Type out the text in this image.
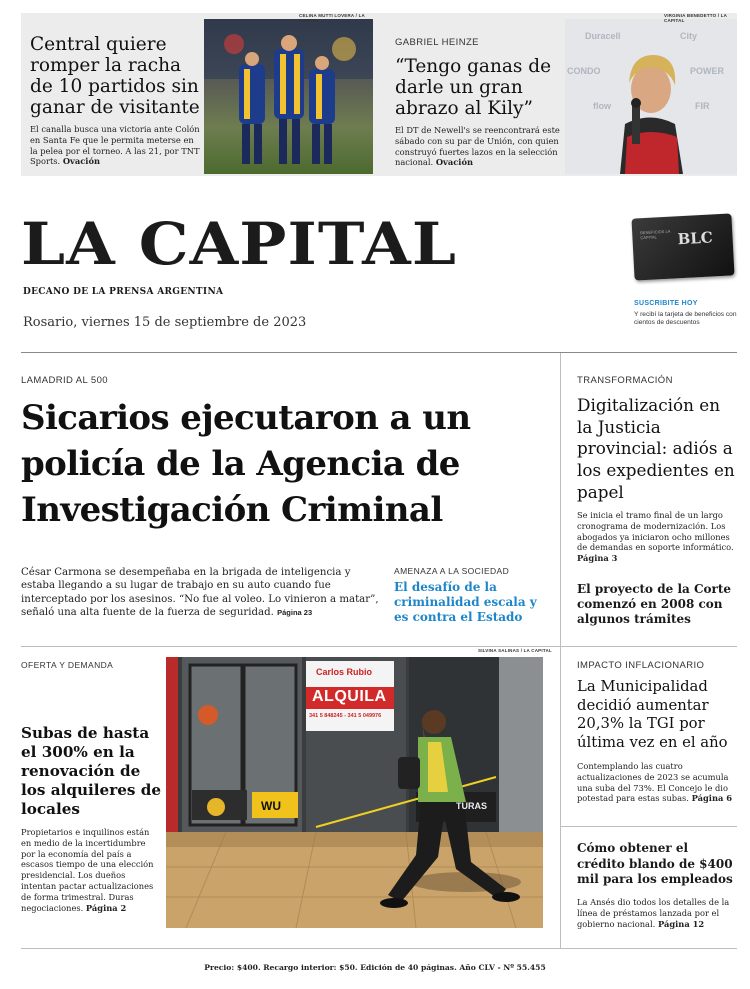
Central quiere romper la racha de 10 partidos sin ganar de visitante
El canalla busca una victoria ante Colón en Santa Fe que le permita meterse en la pelea por el torneo. A las 21, por TNT Sports. Ovación
CELINA MUTTI LOVERA / LA CAPITAL
GABRIEL HEINZE
“Tengo ganas de darle un gran abrazo al Kily”
El DT de Newell's se reencontrará este sábado con su par de Unión, con quien construyó fuertes lazos en la selección nacional. Ovación
Duracell	City
CONDO	POWER
flow	FIR
VIRGINIA BENEDETTO / LA CAPITAL
LA CAPITAL
DECANO DE LA PRENSA ARGENTINA
Rosario, viernes 15 de septiembre de 2023
BLC
BENEFICIOS LA CAPITAL
SUSCRIBITE HOY
Y recibí la tarjeta de beneficios con cientos de descuentos
LAMADRID AL 500
Sicarios ejecutaron a un policía de la Agencia de Investigación Criminal
César Carmona se desempeñaba en la brigada de inteligencia y estaba llegando a su lugar de trabajo en su auto cuando fue interceptado por los asesinos. “No fue al voleo. Lo vinieron a matar”, señaló una alta fuente de la fuerza de seguridad. Página 23
AMENAZA A LA SOCIEDAD
El desafío de la criminalidad escala y es contra el Estado
TRANSFORMACIÓN
Digitalización en la Justicia provincial: adiós a los expedientes en papel
Se inicia el tramo final de un largo cronograma de modernización. Los abogados ya iniciaron ocho millones de demandas en soporte informático. Página 3
El proyecto de la Corte comenzó en 2008 con algunos trámites
OFERTA Y DEMANDA
Subas de hasta el 300% en la renovación de los alquileres de locales
Propietarios e inquilinos están en medio de la incertidumbre por la economía del país a escasos tiempo de una elección presidencial. Los dueños intentan pactar actualizaciones de forma trimestral. Duras negociaciones. Página 2
SILVINA SALINAS / LA CAPITAL
Carlos Rubio
ALQUILA
341 5 848245 - 341 5 049976
WU	TURAS
IMPACTO INFLACIONARIO
La Municipalidad decidió aumentar 20,3% la TGI por última vez en el año
Contemplando las cuatro actualizaciones de 2023 se acumula una suba del 73%. El Concejo le dio potestad para estas subas. Página 6
Cómo obtener el crédito blando de $400 mil para los empleados
La Ansés dio todos los detalles de la línea de préstamos lanzada por el gobierno nacional. Página 12
Precio: $400. Recargo interior: $50. Edición de 40 páginas. Año CLV - Nº 55.455
